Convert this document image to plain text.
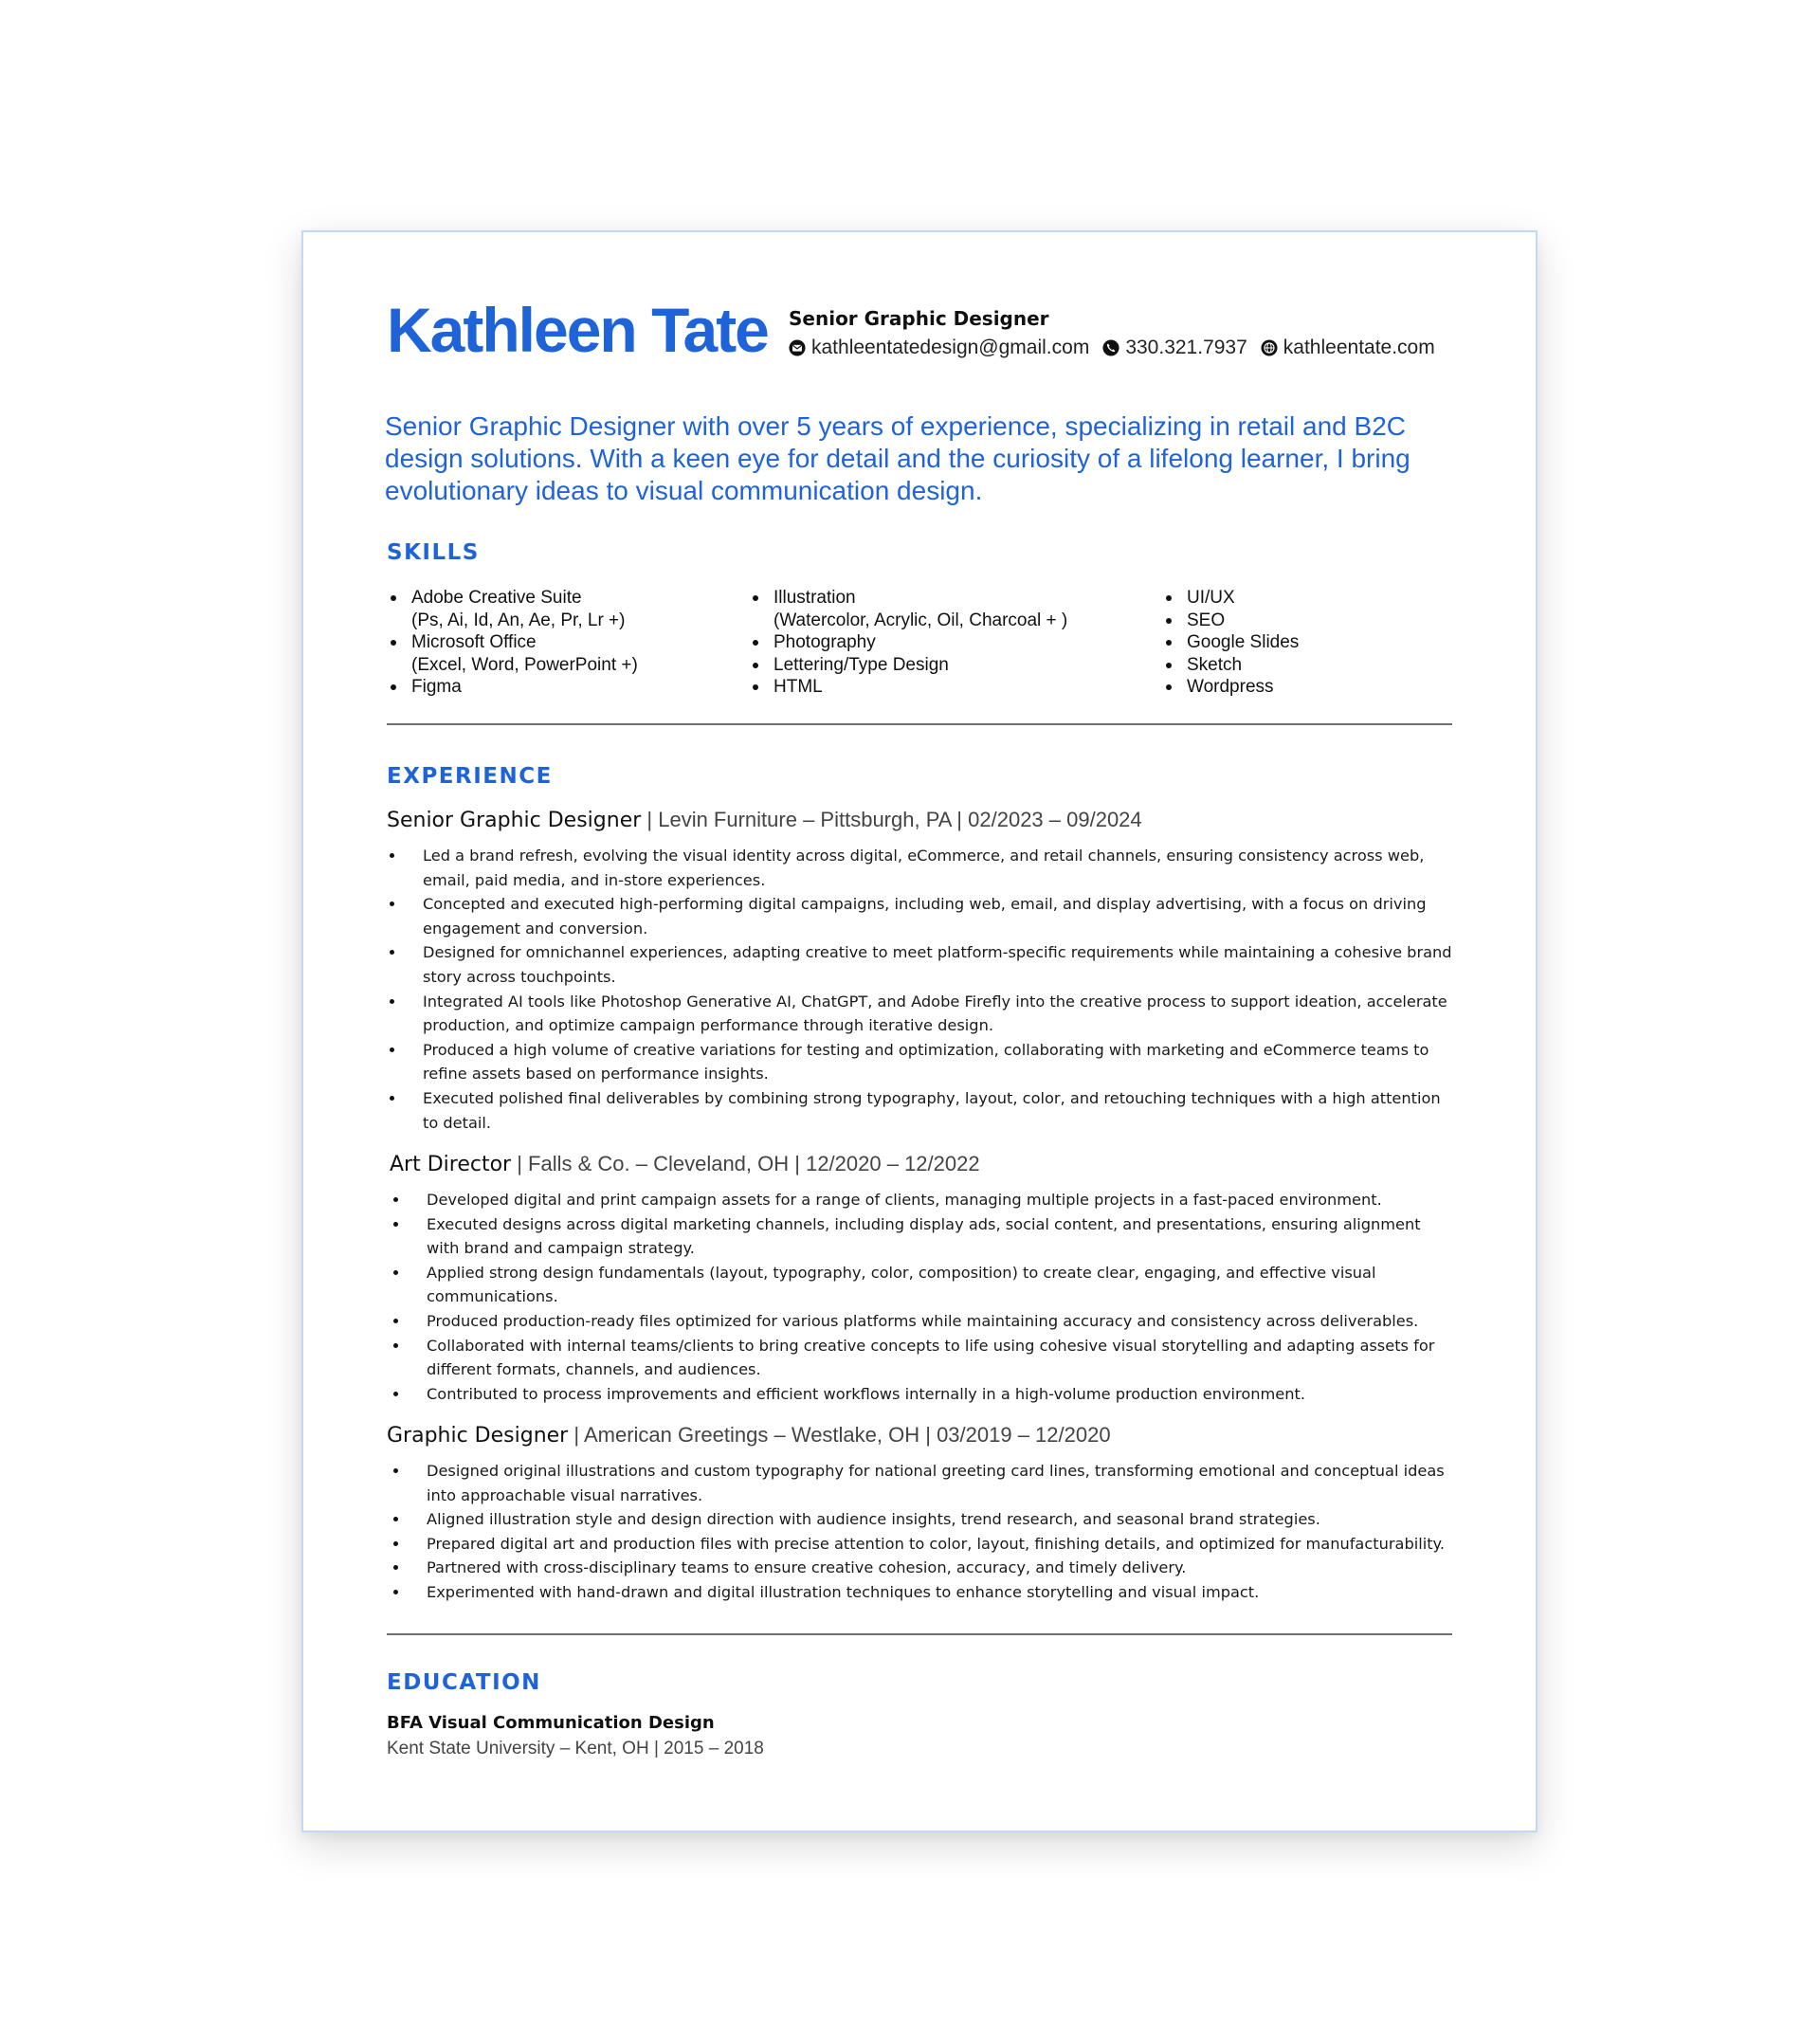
Kathleen Tate Senior Graphic Designer
kathleentatedesign@gmail.com 330.321.7937 kathleentate.com

Senior Graphic Designer with over 5 years of experience, specializing in retail and B2C design solutions. With a keen eye for detail and the curiosity of a lifelong learner, I bring evolutionary ideas to visual communication design.

SKILLS
Adobe Creative Suite
(Ps, Ai, Id, An, Ae, Pr, Lr +)
Microsoft Office
(Excel, Word, PowerPoint +)
Figma
Illustration
(Watercolor, Acrylic, Oil, Charcoal + )
Photography
Lettering/Type Design
HTML
UI/UX
SEO
Google Slides
Sketch
Wordpress
EXPERIENCE
Senior Graphic Designer | Levin Furniture – Pittsburgh, PA | 02/2023 – 09/2024
Led a brand refresh, evolving the visual identity across digital, eCommerce, and retail channels, ensuring consistency across web, email, paid media, and in-store experiences.
Concepted and executed high-performing digital campaigns, including web, email, and display advertising, with a focus on driving engagement and conversion.
Designed for omnichannel experiences, adapting creative to meet platform-specific requirements while maintaining a cohesive brand story across touchpoints.
Integrated AI tools like Photoshop Generative AI, ChatGPT, and Adobe Firefly into the creative process to support ideation, accelerate production, and optimize campaign performance through iterative design.
Produced a high volume of creative variations for testing and optimization, collaborating with marketing and eCommerce teams to refine assets based on performance insights.
Executed polished final deliverables by combining strong typography, layout, color, and retouching techniques with a high attention to detail.
Art Director | Falls & Co. – Cleveland, OH | 12/2020 – 12/2022
Developed digital and print campaign assets for a range of clients, managing multiple projects in a fast-paced environment.
Executed designs across digital marketing channels, including display ads, social content, and presentations, ensuring alignment with brand and campaign strategy.
Applied strong design fundamentals (layout, typography, color, composition) to create clear, engaging, and effective visual communications.
Produced production-ready files optimized for various platforms while maintaining accuracy and consistency across deliverables.
Collaborated with internal teams/clients to bring creative concepts to life using cohesive visual storytelling and adapting assets for different formats, channels, and audiences.
Contributed to process improvements and efficient workflows internally in a high-volume production environment.
Graphic Designer | American Greetings – Westlake, OH | 03/2019 – 12/2020
Designed original illustrations and custom typography for national greeting card lines, transforming emotional and conceptual ideas into approachable visual narratives.
Aligned illustration style and design direction with audience insights, trend research, and seasonal brand strategies.
Prepared digital art and production files with precise attention to color, layout, finishing details, and optimized for manufacturability.
Partnered with cross-disciplinary teams to ensure creative cohesion, accuracy, and timely delivery.
Experimented with hand-drawn and digital illustration techniques to enhance storytelling and visual impact.
EDUCATION
BFA Visual Communication Design
Kent State University – Kent, OH | 2015 – 2018
